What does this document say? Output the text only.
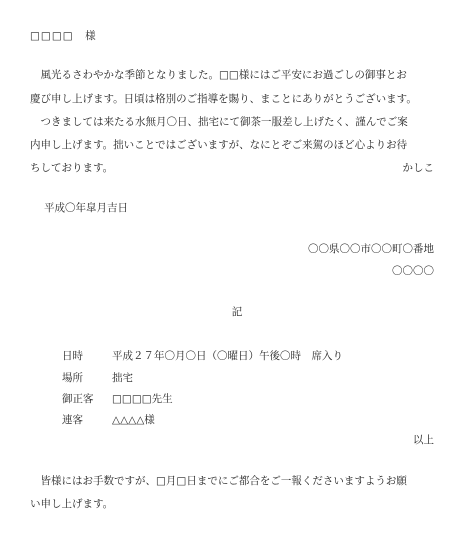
□□□□　様
　風光るさわやかな季節となりました。□□様にはご平安にお過ごしの御事とお
慶び申し上げます。日頃は格別のご指導を賜り、まことにありがとうございます。
　つきましては来たる水無月〇日、拙宅にて御茶一服差し上げたく、謹んでご案
内申し上げます。拙いことではございますが、なにとぞご来駕のほど心よりお待
ちしております。	かしこ
平成〇年皐月吉日
〇〇県〇〇市〇〇町〇番地
〇〇〇〇
記
日時	平成２７年〇月〇日（〇曜日）午後〇時　席入り
場所	拙宅
御正客 □□□□先生
連客	△△△△様
以上
　皆様にはお手数ですが、□月□日までにご都合をご一報くださいますようお願
い申し上げます。
